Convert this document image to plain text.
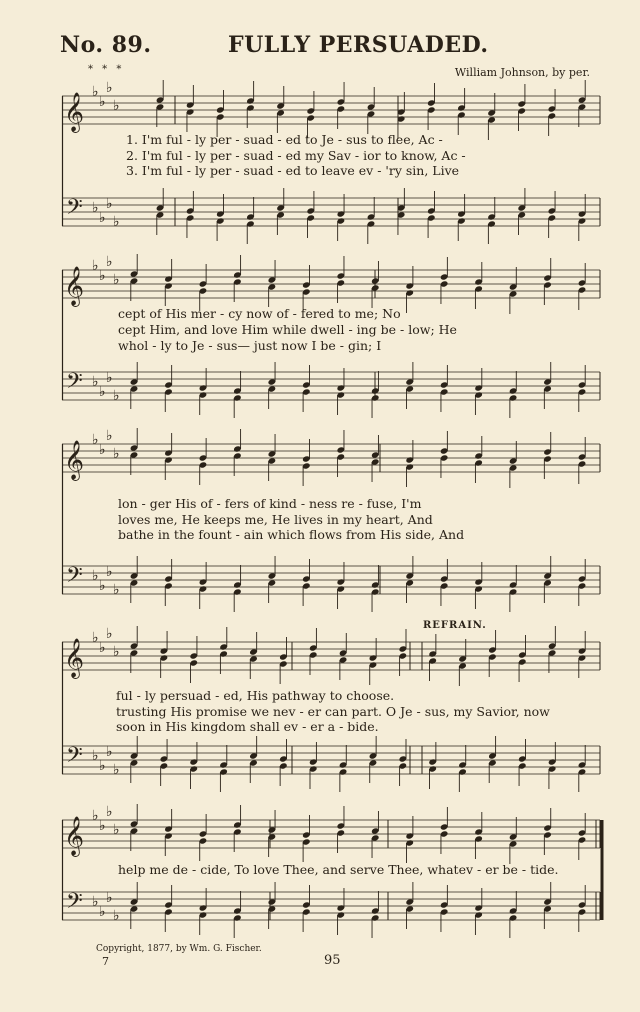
No. 89.	FULLY PERSUADED.
* * *	William Johnson, by per.
𝄞
𝄢
♭
♭
♭
♭
♭
♭
♭
♭
1. I'm ful - ly per - suad - ed to Je - sus to flee, Ac -
2. I'm ful - ly per - suad - ed my Sav - ior to know, Ac -
3. I'm ful - ly per - suad - ed to leave ev - 'ry sin, Live
𝄞
𝄢
♭
♭
♭
♭
♭
♭
♭
♭
cept of His mer - cy now of - fered to me; No
cept Him, and love Him while dwell - ing be - low; He
whol - ly to Je - sus— just now I be - gin; I
𝄞
𝄢
♭
♭
♭
♭
♭
♭
♭
♭
lon - ger His of - fers of kind - ness re - fuse, I'm
loves me, He keeps me, He lives in my heart, And
bathe in the fount - ain which flows from His side, And
REFRAIN.
𝄞
𝄢
♭
♭
♭
♭
♭
♭
♭
♭
ful - ly persuad - ed, His pathway to choose.
trusting His promise we nev - er can part. O Je - sus, my Savior, now
soon in His kingdom shall ev - er a - bide.
𝄞
𝄢
♭
♭
♭
♭
♭
♭
♭
♭
help me de - cide, To love Thee, and serve Thee, whatev - er be - tide.
Copyright, 1877, by Wm. G. Fischer.
7	95
